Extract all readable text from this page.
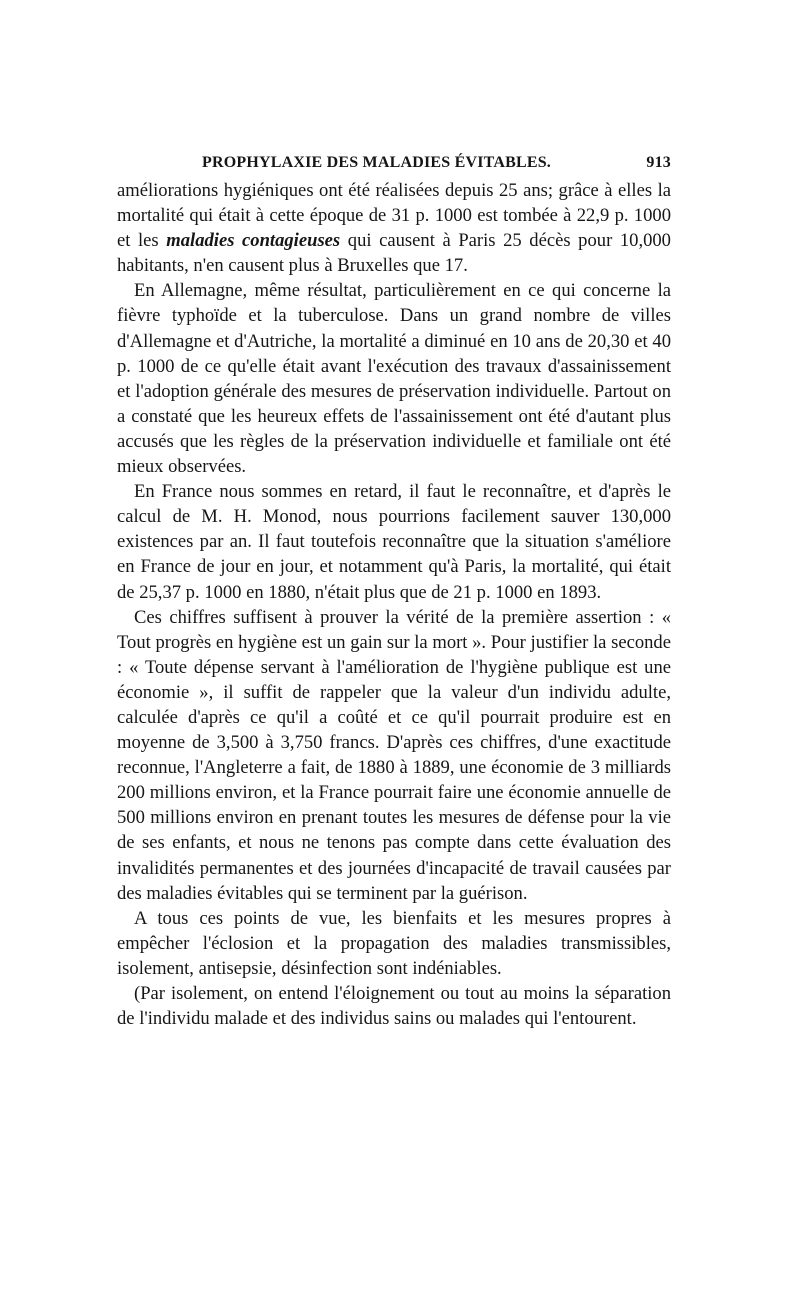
PROPHYLAXIE DES MALADIES ÉVITABLES.	913

améliorations hygiéniques ont été réalisées depuis 25 ans; grâce à elles la mortalité qui était à cette époque de 31 p. 1000 est tombée à 22,9 p. 1000 et les maladies contagieuses qui causent à Paris 25 décès pour 10,000 habitants, n'en causent plus à Bruxelles que 17.

En Allemagne, même résultat, particulièrement en ce qui concerne la fièvre typhoïde et la tuberculose. Dans un grand nombre de villes d'Allemagne et d'Autriche, la mortalité a diminué en 10 ans de 20,30 et 40 p. 1000 de ce qu'elle était avant l'exécution des travaux d'assainissement et l'adoption générale des mesures de préservation individuelle. Partout on a constaté que les heureux effets de l'assainissement ont été d'autant plus accusés que les règles de la préservation individuelle et familiale ont été mieux observées.

En France nous sommes en retard, il faut le reconnaître, et d'après le calcul de M. H. Monod, nous pourrions facilement sauver 130,000 existences par an. Il faut toutefois reconnaître que la situation s'améliore en France de jour en jour, et notamment qu'à Paris, la mortalité, qui était de 25,37 p. 1000 en 1880, n'était plus que de 21 p. 1000 en 1893.

Ces chiffres suffisent à prouver la vérité de la première assertion : « Tout progrès en hygiène est un gain sur la mort ». Pour justifier la seconde : « Toute dépense servant à l'amélioration de l'hygiène publique est une économie », il suffit de rappeler que la valeur d'un individu adulte, calculée d'après ce qu'il a coûté et ce qu'il pourrait produire est en moyenne de 3,500 à 3,750 francs. D'après ces chiffres, d'une exactitude reconnue, l'Angleterre a fait, de 1880 à 1889, une économie de 3 milliards 200 millions environ, et la France pourrait faire une économie annuelle de 500 millions environ en prenant toutes les mesures de défense pour la vie de ses enfants, et nous ne tenons pas compte dans cette évaluation des invalidités permanentes et des journées d'incapacité de travail causées par des maladies évitables qui se terminent par la guérison.

A tous ces points de vue, les bienfaits et les mesures propres à empêcher l'éclosion et la propagation des maladies transmissibles, isolement, antisepsie, désinfection sont indéniables.

(Par isolement, on entend l'éloignement ou tout au moins la séparation de l'individu malade et des individus sains ou malades qui l'entourent.
